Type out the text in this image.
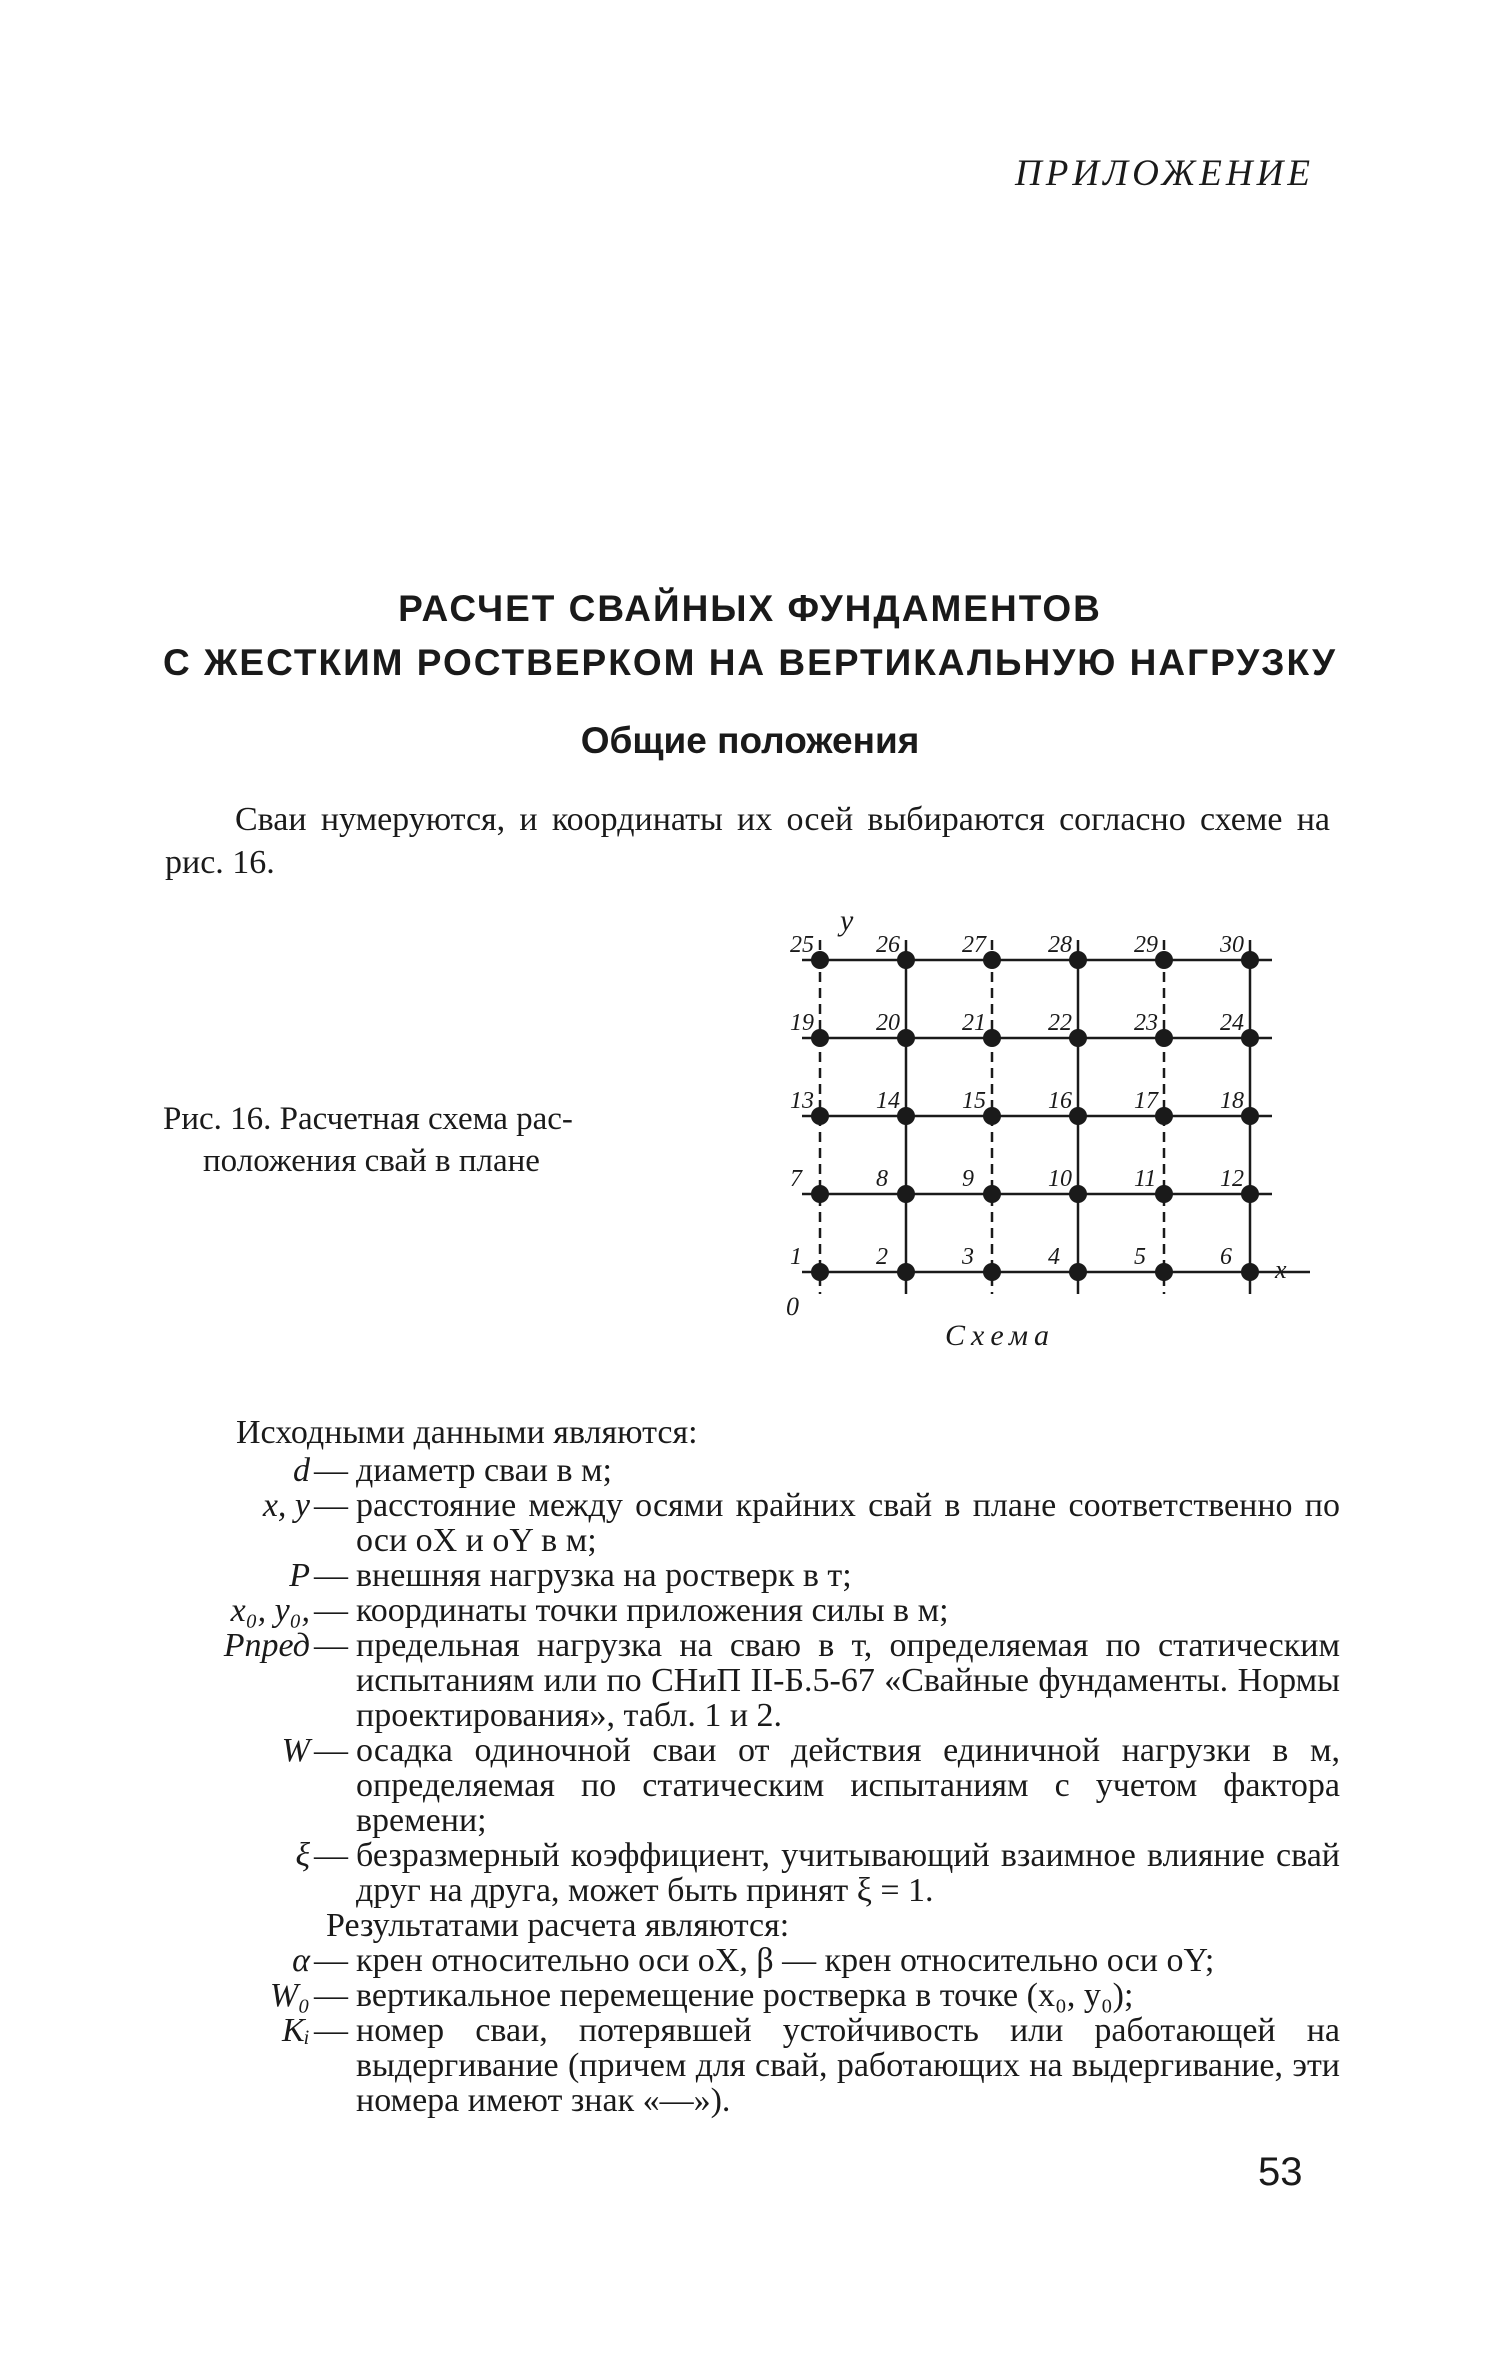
ПРИЛОЖЕНИЕ
РАСЧЕТ СВАЙНЫХ ФУНДАМЕНТОВ
С ЖЕСТКИМ РОСТВЕРКОМ НА ВЕРТИКАЛЬНУЮ НАГРУЗКУ
Общие положения
Сваи нумеруются, и координаты их осей выбираются согласно схеме на рис. 16.
Рис. 16. Расчетная схема рас-
положения свай в плане
25	26	27	28	29	30
19	20	21	22	23	24
13	14	15	16	17	18
7	8	9	10	11	12
1	2	3	4	5	6
y
x
0
Схема
Исходными данными являются:
d — диаметр сваи в м;
x, y — расстояние между осями крайних свай в плане соответственно по оси oX и oY в м;
P — внешняя нагрузка на ростверк в т;
x₀, y₀, — координаты точки приложения силы в м;
Pпред — предельная нагрузка на сваю в т, определяемая по статическим испытаниям или по СНиП II-Б.5-67 «Свайные фундаменты. Нормы проектирования», табл. 1 и 2.
W — осадка одиночной сваи от действия единичной нагрузки в м, определяемая по статическим испытаниям с учетом фактора времени;
ξ — безразмерный коэффициент, учитывающий взаимное влияние свай друг на друга, может быть принят ξ = 1.
Результатами расчета являются:
α — крен относительно оси oX, β — крен относительно оси oY;
W₀ — вертикальное перемещение ростверка в точке (x₀, y₀);
Kᵢ — номер сваи, потерявшей устойчивость или работающей на выдергивание (причем для свай, работающих на выдергивание, эти номера имеют знак «—»).
53
